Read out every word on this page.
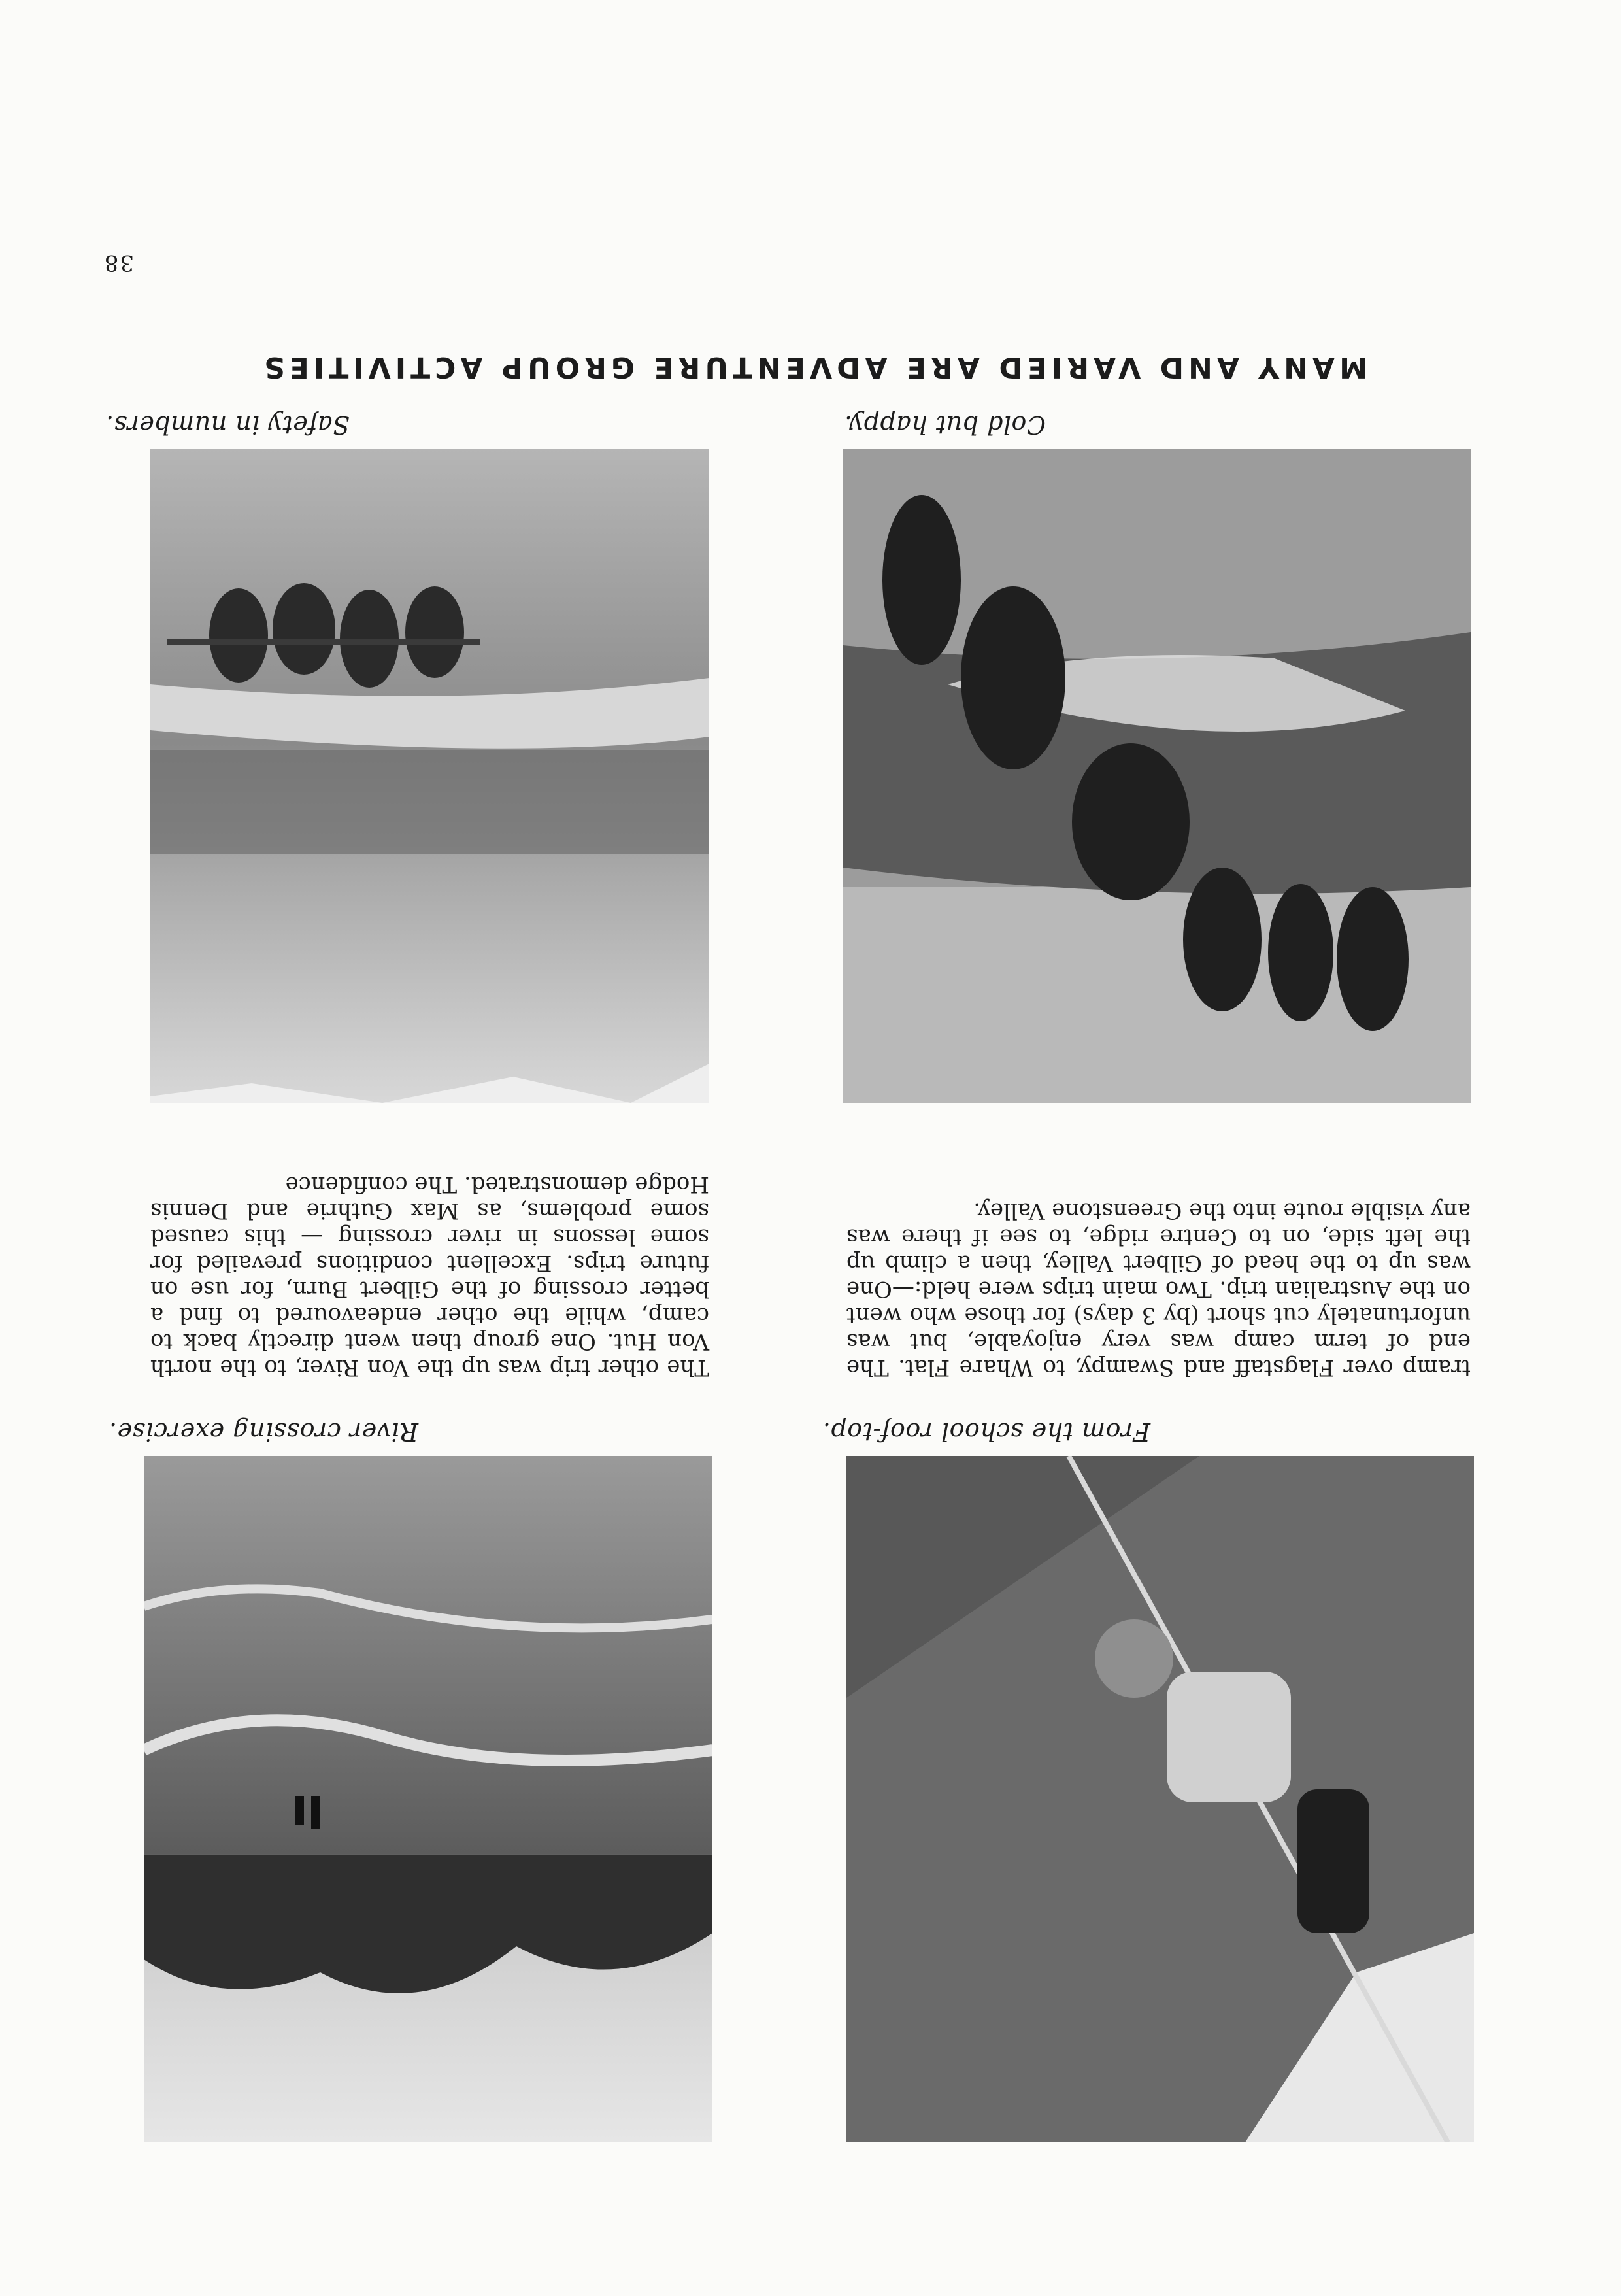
38
MANY AND VARIED ARE ADVENTURE GROUP ACTIVITIES
Safety in numbers.	Cold but happy.

The other trip was up the Von River, to the north Von Hut. One group then went directly back to camp, while the other endeavoured to find a better crossing of the Gilbert Burn, for use on future trips. Excellent conditions prevailed for some lessons in river crossing — this caused some problems, as Max Guthrie and Dennis Hodge demonstrated. The confidence

tramp over Flagstaff and Swampy, to Whare Flat. The end of term camp was very enjoyable, but was unfortunately cut short (by 3 days) for those who went on the Australian trip. Two main trips were held:—One was up to the head of Gilbert Valley, then a climb up the left side, on to Centre ridge, to see if there was any visible route into the Greenstone Valley.

River crossing exercise.	From the school roof-top.
